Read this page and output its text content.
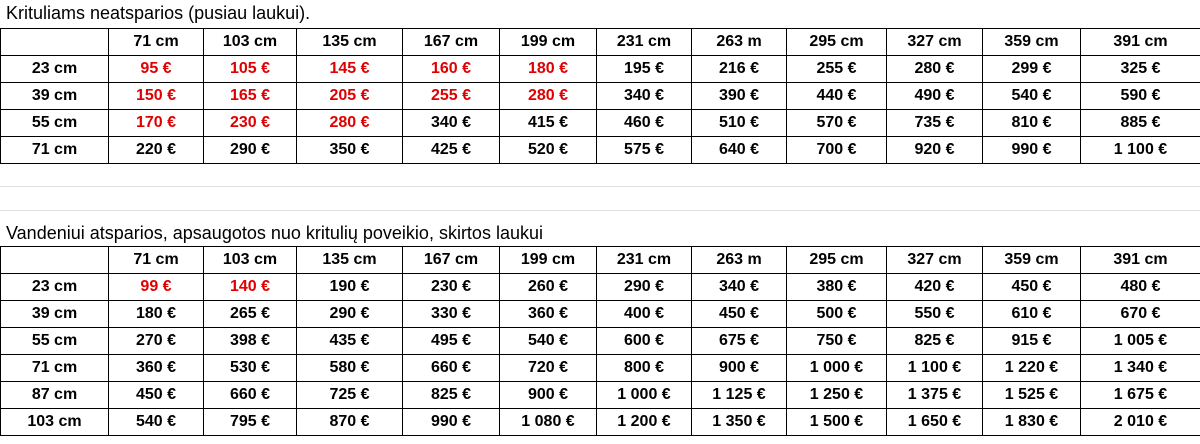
Krituliams neatsparios (pusiau laukui).
	71 cm	103 cm	135 cm	167 cm	199 cm	231 cm	263 m	295 cm	327 cm	359 cm	391 cm
23 cm	95 €	105 €	145 €	160 €	180 €	195 €	216 €	255 €	280 €	299 €	325 €
39 cm	150 €	165 €	205 €	255 €	280 €	340 €	390 €	440 €	490 €	540 €	590 €
55 cm	170 €	230 €	280 €	340 €	415 €	460 €	510 €	570 €	735 €	810 €	885 €
71 cm	220 €	290 €	350 €	425 €	520 €	575 €	640 €	700 €	920 €	990 €	1 100 €
Vandeniui atsparios, apsaugotos nuo kritulių poveikio, skirtos laukui
	71 cm	103 cm	135 cm	167 cm	199 cm	231 cm	263 m	295 cm	327 cm	359 cm	391 cm
23 cm	99 €	140 €	190 €	230 €	260 €	290 €	340 €	380 €	420 €	450 €	480 €
39 cm	180 €	265 €	290 €	330 €	360 €	400 €	450 €	500 €	550 €	610 €	670 €
55 cm	270 €	398 €	435 €	495 €	540 €	600 €	675 €	750 €	825 €	915 €	1 005 €
71 cm	360 €	530 €	580 €	660 €	720 €	800 €	900 €	1 000 €	1 100 €	1 220 €	1 340 €
87 cm	450 €	660 €	725 €	825 €	900 €	1 000 €	1 125 €	1 250 €	1 375 €	1 525 €	1 675 €
103 cm	540 €	795 €	870 €	990 €	1 080 €	1 200 €	1 350 €	1 500 €	1 650 €	1 830 €	2 010 €
